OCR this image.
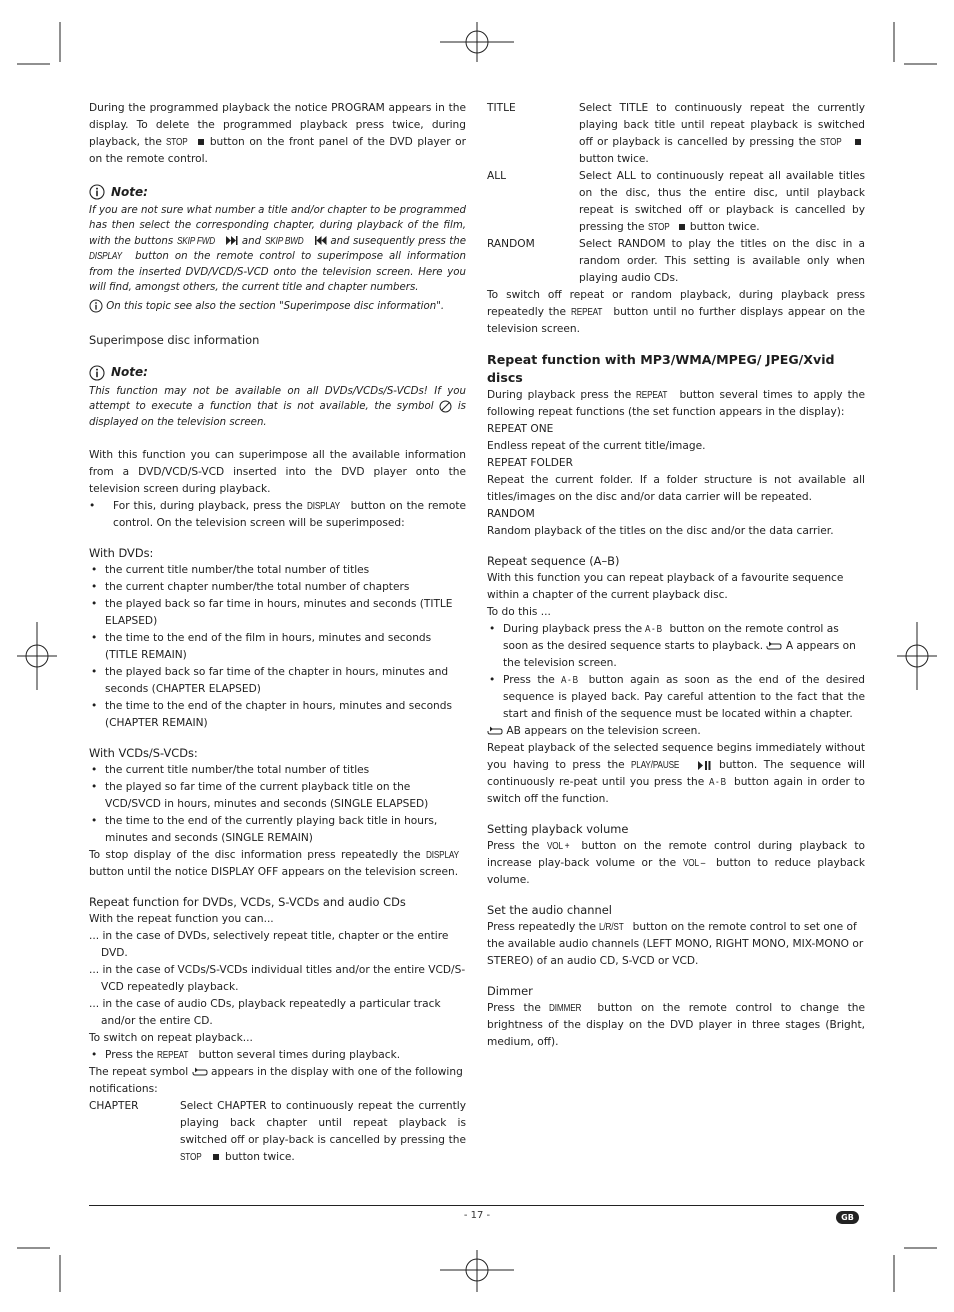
During the programmed playback the notice PROGRAM appears in the display. To delete the programmed playback press twice, during playback, the STOP  button on the front panel of the DVD player or on the remote control.

Note:

If you are not sure what number a title and/or chapter to be programmed has then select the corresponding chapter, during playback of the film, with the buttons SKIP FWD  and SKIP BWD  and susequently press the DISPLAY button on the remote control to superimpose all information from the inserted DVD/VCD/S-VCD onto the television screen. Here you will find, amongst others, the current title and chapter numbers.

On this topic see also the section "Superimpose disc information".

Superimpose disc information

Note:

This function may not be available on all DVDs/VCDs/S-VCDs! If you attempt to execute a function that is not available, the symbol  is displayed on the television screen.

With this function you can superimpose all the available information from a DVD/VCD/S-VCD inserted into the DVD player onto the television screen during playback.

• For this, during playback, press the DISPLAY button on the remote control. On the television screen will be superimposed:

With DVDs:

• the current title number/the total number of titles

• the current chapter number/the total number of chapters

• the played back so far time in hours, minutes and seconds (TITLE ELAPSED)

• the time to the end of the film in hours, minutes and seconds (TITLE REMAIN)

• the played back so far time of the chapter in hours, minutes and seconds (CHAPTER ELAPSED)

• the time to the end of the chapter in hours, minutes and seconds (CHAPTER REMAIN)

With VCDs/S-VCDs:

• the current title number/the total number of titles

• the played so far time of the current playback title on the VCD/SVCD in hours, minutes and seconds (SINGLE ELAPSED)

• the time to the end of the currently playing back title in hours, minutes and seconds (SINGLE REMAIN)

To stop display of the disc information press repeatedly the DISPLAY button until the notice DISPLAY OFF appears on the television screen.

Repeat function for DVDs, VCDs, S-VCDs and audio CDs

With the repeat function you can...

... in the case of DVDs, selectively repeat title, chapter or the entire DVD.

... in the case of VCDs/S-VCDs individual titles and/or the entire VCD/S-VCD repeatedly playback.

... in the case of audio CDs, playback repeatedly a particular track and/or the entire CD.

To switch on repeat playback...

• Press the REPEAT button several times during playback.

The repeat symbol  appears in the display with one of the following notifications:

CHAPTER	Select CHAPTER to continuously repeat the currently playing back chapter until repeat playback is switched off or play-back is cancelled by pressing the STOP  button twice.
TITLE	Select TITLE to continuously repeat the currently playing back title until repeat playback is switched off or playback is cancelled by pressing the STOP  button twice.
ALL	Select ALL to continuously repeat all available titles on the disc, thus the entire disc, until playback repeat is switched off or playback is cancelled by pressing the STOP  button twice.
RANDOM	Select RANDOM to play the titles on the disc in a random order. This setting is available only when playing audio CDs.

To switch off repeat or random playback, during playback press repeatedly the REPEAT button until no further displays appear on the television screen.

Repeat function with MP3/WMA/MPEG/ JPEG/Xvid discs

During playback press the REPEAT button several times to apply the following repeat functions (the set function appears in the display):

REPEAT ONE

Endless repeat of the current title/image.

REPEAT FOLDER

Repeat the current folder. If a folder structure is not available all titles/images on the disc and/or data carrier will be repeated.

RANDOM

Random playback of the titles on the disc and/or the data carrier.

Repeat sequence (A–B)

With this function you can repeat playback of a favourite sequence within a chapter of the current playback disc.

To do this ...

• During playback press the A - B button on the remote control as soon as the desired sequence starts to playback.  A appears on the television screen.

• Press the A - B button again as soon as the end of the desired sequence is played back. Pay careful attention to the fact that the start and finish of the sequence must be located within a chapter.

AB appears on the television screen.

Repeat playback of the selected sequence begins immediately without you having to press the PLAY/PAUSE	button. The sequence will continuously re-peat until you press the A - B button again in order to switch off the function.

Setting playback volume

Press the VOL + button on the remote control during playback to increase play-back volume or the VOL – button to reduce playback volume.

Set the audio channel

Press repeatedly the L/R/ST button on the remote control to set one of the available audio channels (LEFT MONO, RIGHT MONO, MIX-MONO or STEREO) of an audio CD, S-VCD or VCD.

Dimmer

Press the DIMMER button on the remote control to change the brightness of the display on the DVD player in three stages (Bright, medium, off).

- 17 -	GB
